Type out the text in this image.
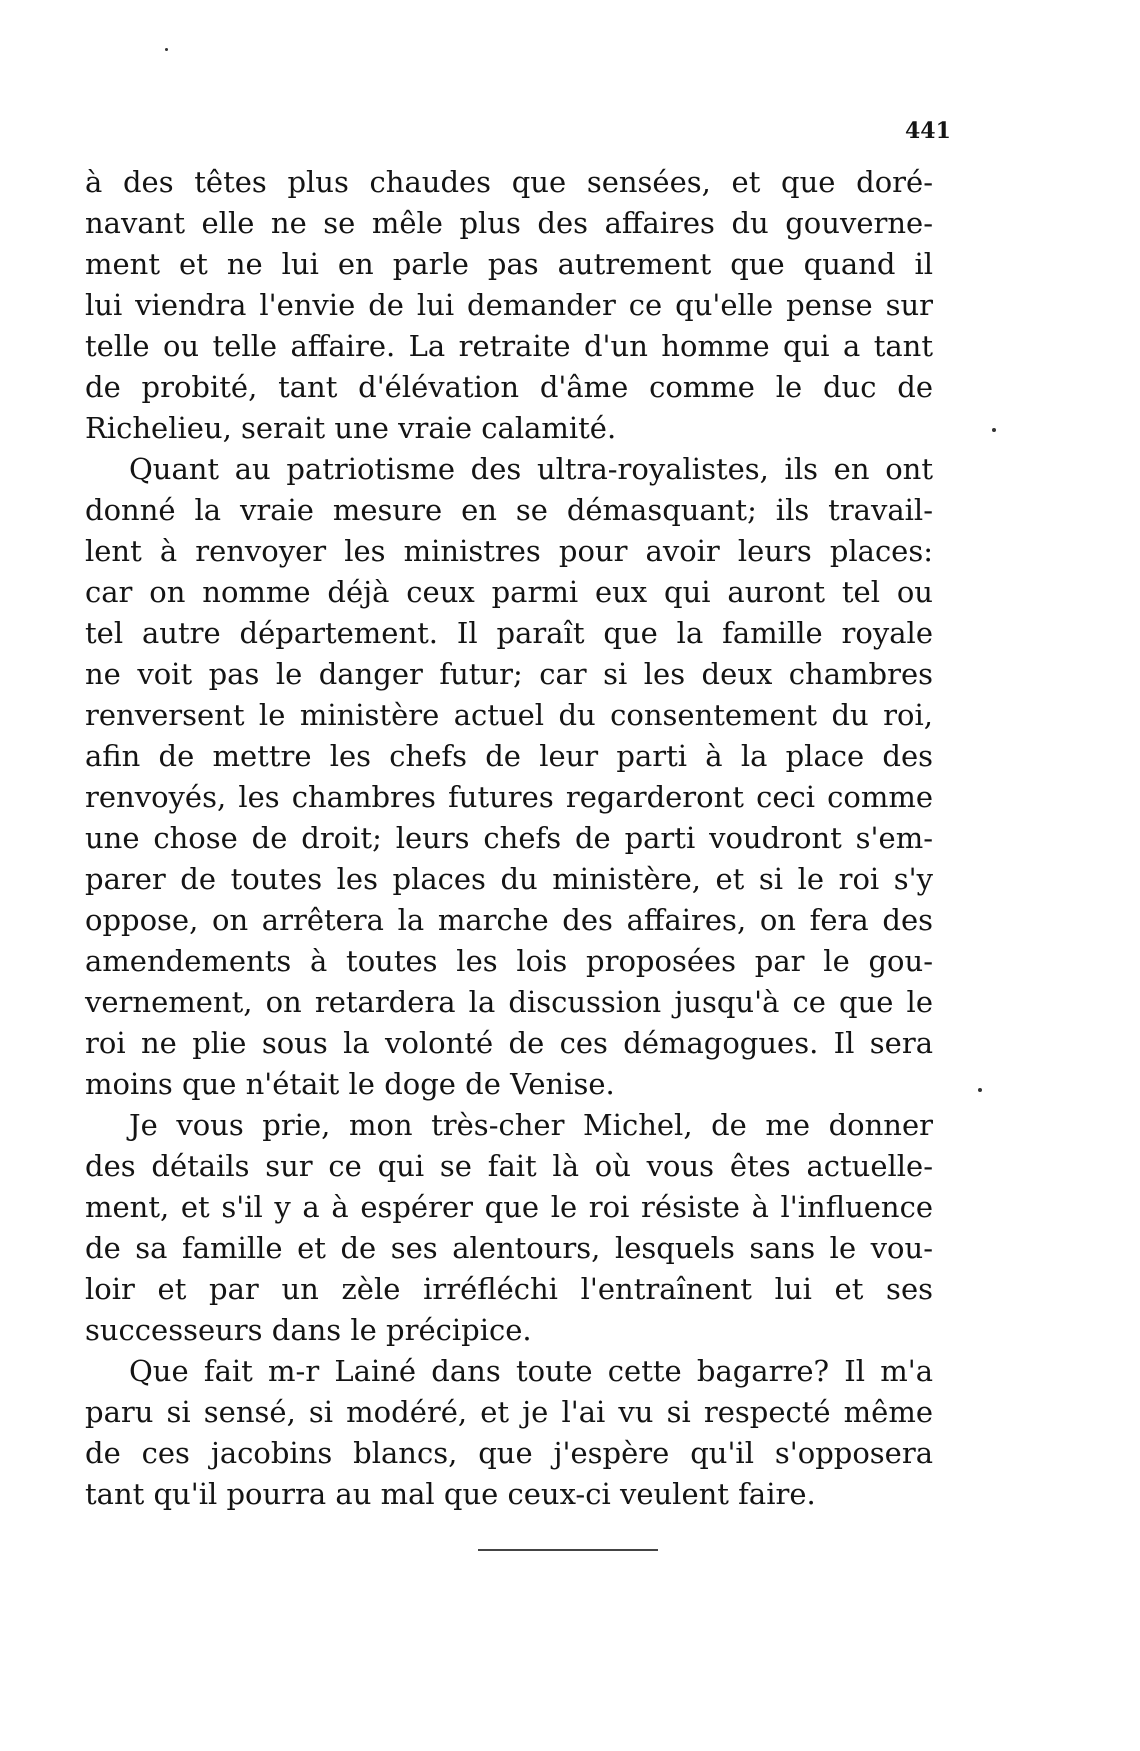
441
à des têtes plus chaudes que sensées, et que doré-
navant elle ne se mêle plus des affaires du gouverne-
ment et ne lui en parle pas autrement que quand il
lui viendra l'envie de lui demander ce qu'elle pense sur
telle ou telle affaire. La retraite d'un homme qui a tant
de probité, tant d'élévation d'âme comme le duc de
Richelieu, serait une vraie calamité.
Quant au patriotisme des ultra-royalistes, ils en ont
donné la vraie mesure en se démasquant; ils travail-
lent à renvoyer les ministres pour avoir leurs places:
car on nomme déjà ceux parmi eux qui auront tel ou
tel autre département. Il paraît que la famille royale
ne voit pas le danger futur; car si les deux chambres
renversent le ministère actuel du consentement du roi,
afin de mettre les chefs de leur parti à la place des
renvoyés, les chambres futures regarderont ceci comme
une chose de droit; leurs chefs de parti voudront s'em-
parer de toutes les places du ministère, et si le roi s'y
oppose, on arrêtera la marche des affaires, on fera des
amendements à toutes les lois proposées par le gou-
vernement, on retardera la discussion jusqu'à ce que le
roi ne plie sous la volonté de ces démagogues. Il sera
moins que n'était le doge de Venise.
Je vous prie, mon très-cher Michel, de me donner
des détails sur ce qui se fait là où vous êtes actuelle-
ment, et s'il y a à espérer que le roi résiste à l'influence
de sa famille et de ses alentours, lesquels sans le vou-
loir et par un zèle irréfléchi l'entraînent lui et ses
successeurs dans le précipice.
Que fait m-r Lainé dans toute cette bagarre? Il m'a
paru si sensé, si modéré, et je l'ai vu si respecté même
de ces jacobins blancs, que j'espère qu'il s'opposera
tant qu'il pourra au mal que ceux-ci veulent faire.
